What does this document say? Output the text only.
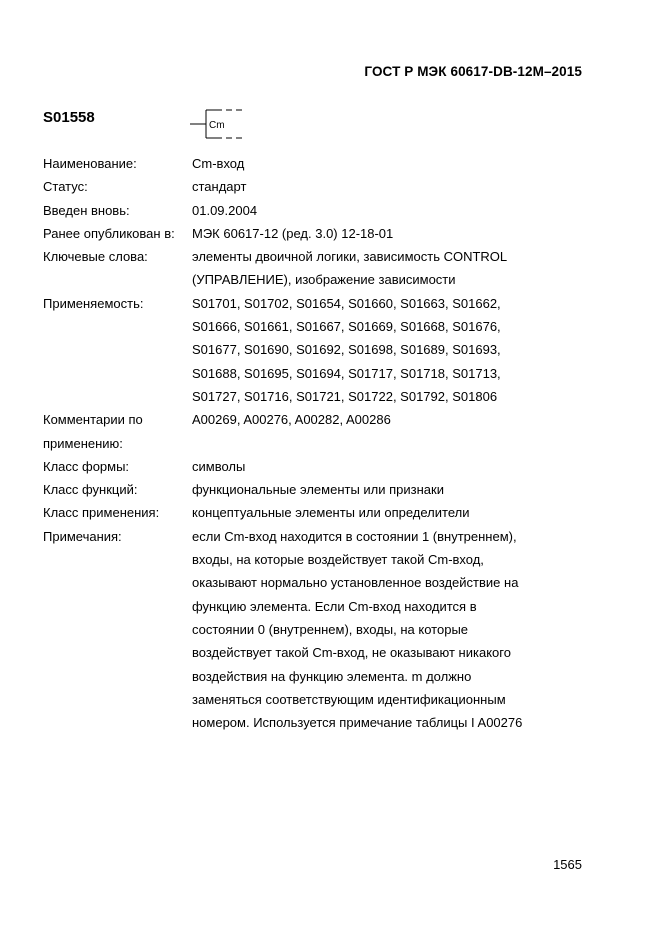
ГОСТ Р МЭК 60617-DB-12M–2015
S01558	Cm
Наименование:	Cm-вход
Статус:	стандарт
Введен вновь:	01.09.2004
Ранее опубликован в:	МЭК 60617-12 (ред. 3.0) 12-18-01
Ключевые слова:	элементы двоичной логики, зависимость CONTROL
(УПРАВЛЕНИЕ), изображение зависимости
Применяемость:	S01701, S01702, S01654, S01660, S01663, S01662,
S01666, S01661, S01667, S01669, S01668, S01676,
S01677, S01690, S01692, S01698, S01689, S01693,
S01688, S01695, S01694, S01717, S01718, S01713,
S01727, S01716, S01721, S01722, S01792, S01806
Комментарии по
применению:
A00269, A00276, A00282, A00286
Класс формы:	символы
Класс функций:	функциональные элементы или признаки
Класс применения:	концептуальные элементы или определители
Примечания:	если Cm-вход находится в состоянии 1 (внутреннем),
входы, на которые воздействует такой Cm-вход,
оказывают нормально установленное воздействие на
функцию элемента. Если Cm-вход находится в
состоянии 0 (внутреннем), входы, на которые
воздействует такой Cm-вход, не оказывают никакого
воздействия на функцию элемента. m должно
заменяться соответствующим идентификационным
номером. Используется примечание таблицы I A00276
1565
